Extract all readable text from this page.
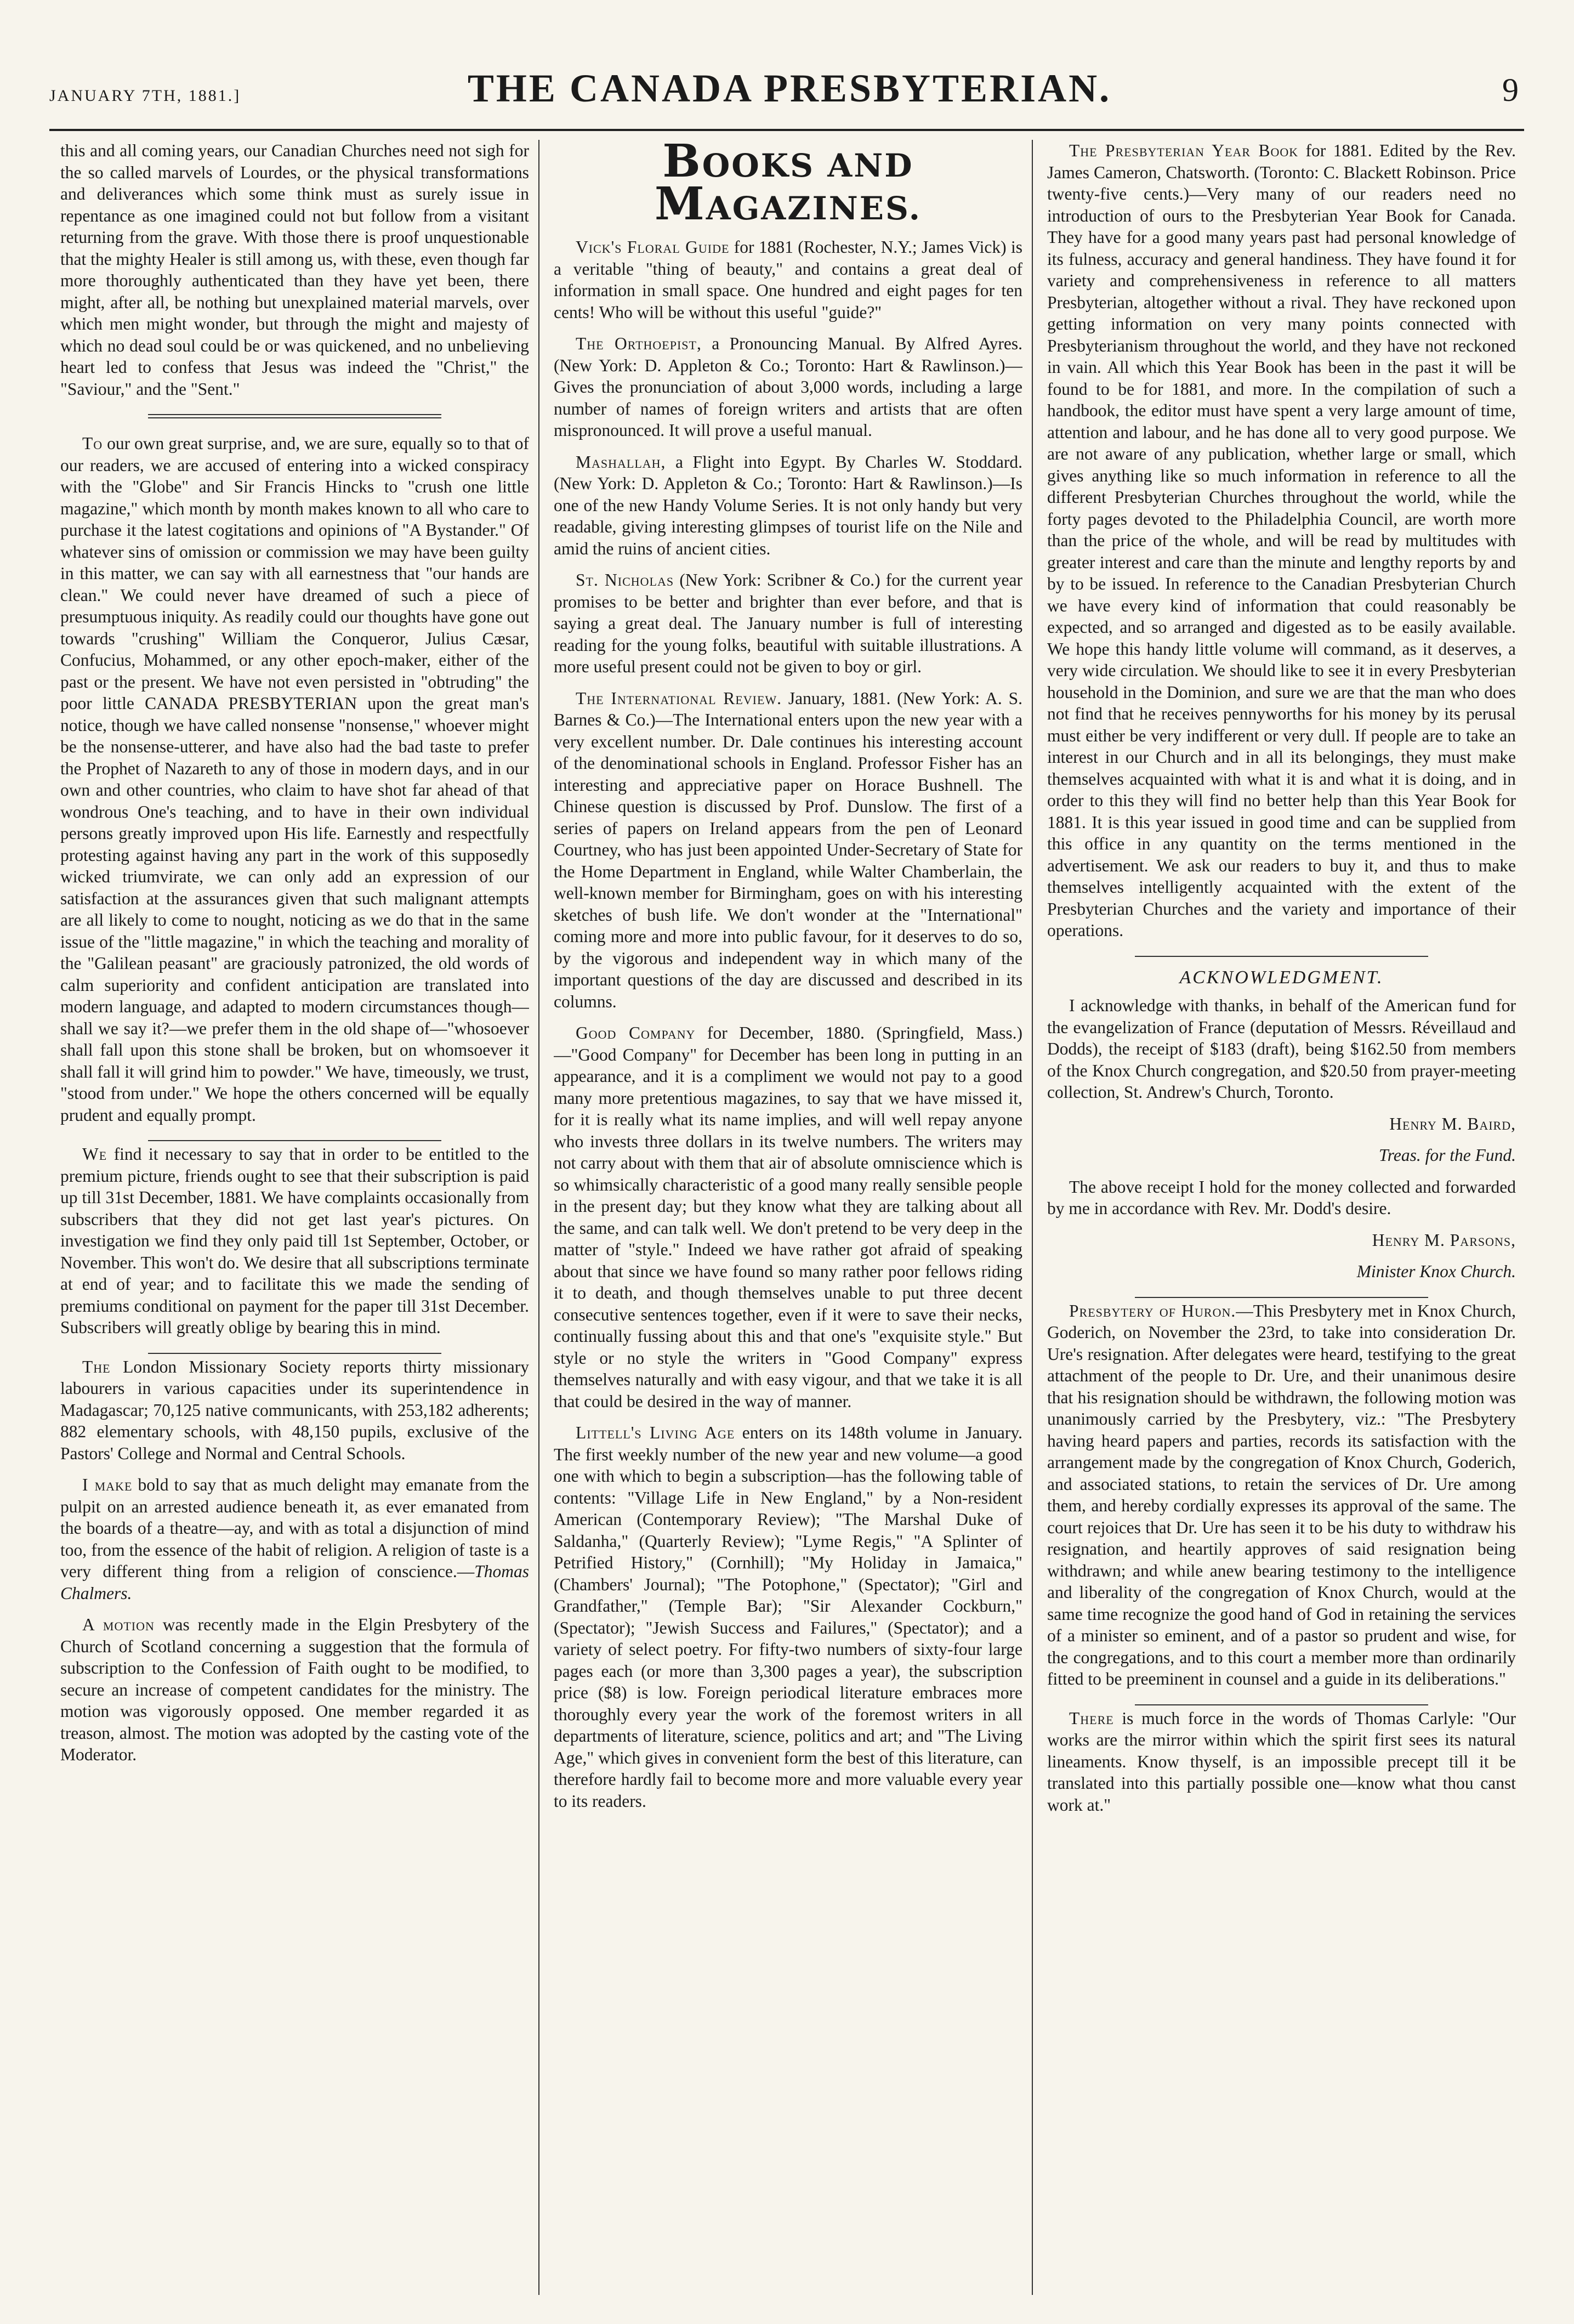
JANUARY 7TH, 1881.]	THE CANADA PRESBYTERIAN.	9

this and all coming years, our Canadian Churches need not sigh for the so called marvels of Lourdes, or the physical transformations and deliverances which some think must as surely issue in repentance as one imagined could not but follow from a visitant returning from the grave. With those there is proof unquestionable that the mighty Healer is still among us, with these, even though far more thoroughly authenticated than they have yet been, there might, after all, be nothing but unexplained material marvels, over which men might wonder, but through the might and majesty of which no dead soul could be or was quickened, and no unbelieving heart led to confess that Jesus was indeed the "Christ," the "Saviour," and the "Sent."

To our own great surprise, and, we are sure, equally so to that of our readers, we are accused of entering into a wicked conspiracy with the "Globe" and Sir Francis Hincks to "crush one little magazine," which month by month makes known to all who care to purchase it the latest cogitations and opinions of "A Bystander." Of whatever sins of omission or commission we may have been guilty in this matter, we can say with all earnestness that "our hands are clean." We could never have dreamed of such a piece of presumptuous iniquity. As readily could our thoughts have gone out towards "crushing" William the Conqueror, Julius Cæsar, Confucius, Mohammed, or any other epoch-maker, either of the past or the present. We have not even persisted in "obtruding" the poor little CANADA PRESBYTERIAN upon the great man's notice, though we have called nonsense "nonsense," whoever might be the nonsense-utterer, and have also had the bad taste to prefer the Prophet of Nazareth to any of those in modern days, and in our own and other countries, who claim to have shot far ahead of that wondrous One's teaching, and to have in their own individual persons greatly improved upon His life. Earnestly and respectfully protesting against having any part in the work of this supposedly wicked triumvirate, we can only add an expression of our satisfaction at the assurances given that such malignant attempts are all likely to come to nought, noticing as we do that in the same issue of the "little magazine," in which the teaching and morality of the "Galilean peasant" are graciously patronized, the old words of calm superiority and confident anticipation are translated into modern language, and adapted to modern circumstances though—shall we say it?—we prefer them in the old shape of—"whosoever shall fall upon this stone shall be broken, but on whomsoever it shall fall it will grind him to powder." We have, timeously, we trust, "stood from under." We hope the others concerned will be equally prudent and equally prompt.

We find it necessary to say that in order to be entitled to the premium picture, friends ought to see that their subscription is paid up till 31st December, 1881. We have complaints occasionally from subscribers that they did not get last year's pictures. On investigation we find they only paid till 1st September, October, or November. This won't do. We desire that all subscriptions terminate at end of year; and to facilitate this we made the sending of premiums conditional on payment for the paper till 31st December. Subscribers will greatly oblige by bearing this in mind.

The London Missionary Society reports thirty missionary labourers in various capacities under its superintendence in Madagascar; 70,125 native communicants, with 253,182 adherents; 882 elementary schools, with 48,150 pupils, exclusive of the Pastors' College and Normal and Central Schools.

I make bold to say that as much delight may emanate from the pulpit on an arrested audience beneath it, as ever emanated from the boards of a theatre—ay, and with as total a disjunction of mind too, from the essence of the habit of religion. A religion of taste is a very different thing from a religion of conscience.—Thomas Chalmers.

A motion was recently made in the Elgin Presbytery of the Church of Scotland concerning a suggestion that the formula of subscription to the Confession of Faith ought to be modified, to secure an increase of competent candidates for the ministry. The motion was vigorously opposed. One member regarded it as treason, almost. The motion was adopted by the casting vote of the Moderator.

BOOKS AND MAGAZINES.

Vick's Floral Guide for 1881 (Rochester, N.Y.; James Vick) is a veritable "thing of beauty," and contains a great deal of information in small space. One hundred and eight pages for ten cents! Who will be without this useful "guide?"

The Orthoepist, a Pronouncing Manual. By Alfred Ayres. (New York: D. Appleton & Co.; Toronto: Hart & Rawlinson.)—Gives the pronunciation of about 3,000 words, including a large number of names of foreign writers and artists that are often mispronounced. It will prove a useful manual.

Mashallah, a Flight into Egypt. By Charles W. Stoddard. (New York: D. Appleton & Co.; Toronto: Hart & Rawlinson.)—Is one of the new Handy Volume Series. It is not only handy but very readable, giving interesting glimpses of tourist life on the Nile and amid the ruins of ancient cities.

St. Nicholas (New York: Scribner & Co.) for the current year promises to be better and brighter than ever before, and that is saying a great deal. The January number is full of interesting reading for the young folks, beautiful with suitable illustrations. A more useful present could not be given to boy or girl.

The International Review. January, 1881. (New York: A. S. Barnes & Co.)—The International enters upon the new year with a very excellent number. Dr. Dale continues his interesting account of the denominational schools in England. Professor Fisher has an interesting and appreciative paper on Horace Bushnell. The Chinese question is discussed by Prof. Dunslow. The first of a series of papers on Ireland appears from the pen of Leonard Courtney, who has just been appointed Under-Secretary of State for the Home Department in England, while Walter Chamberlain, the well-known member for Birmingham, goes on with his interesting sketches of bush life. We don't wonder at the "International" coming more and more into public favour, for it deserves to do so, by the vigorous and independent way in which many of the important questions of the day are discussed and described in its columns.

Good Company for December, 1880. (Springfield, Mass.)—"Good Company" for December has been long in putting in an appearance, and it is a compliment we would not pay to a good many more pretentious magazines, to say that we have missed it, for it is really what its name implies, and will well repay anyone who invests three dollars in its twelve numbers. The writers may not carry about with them that air of absolute omniscience which is so whimsically characteristic of a good many really sensible people in the present day; but they know what they are talking about all the same, and can talk well. We don't pretend to be very deep in the matter of "style." Indeed we have rather got afraid of speaking about that since we have found so many rather poor fellows riding it to death, and though themselves unable to put three decent consecutive sentences together, even if it were to save their necks, continually fussing about this and that one's "exquisite style." But style or no style the writers in "Good Company" express themselves naturally and with easy vigour, and that we take it is all that could be desired in the way of manner.

Littell's Living Age enters on its 148th volume in January. The first weekly number of the new year and new volume—a good one with which to begin a subscription—has the following table of contents: "Village Life in New England," by a Non-resident American (Contemporary Review); "The Marshal Duke of Saldanha," (Quarterly Review); "Lyme Regis," "A Splinter of Petrified History," (Cornhill); "My Holiday in Jamaica," (Chambers' Journal); "The Potophone," (Spectator); "Girl and Grandfather," (Temple Bar); "Sir Alexander Cockburn," (Spectator); "Jewish Success and Failures," (Spectator); and a variety of select poetry. For fifty-two numbers of sixty-four large pages each (or more than 3,300 pages a year), the subscription price ($8) is low. Foreign periodical literature embraces more thoroughly every year the work of the foremost writers in all departments of literature, science, politics and art; and "The Living Age," which gives in convenient form the best of this literature, can therefore hardly fail to become more and more valuable every year to its readers.

The Presbyterian Year Book for 1881. Edited by the Rev. James Cameron, Chatsworth. (Toronto: C. Blackett Robinson. Price twenty-five cents.)—Very many of our readers need no introduction of ours to the Presbyterian Year Book for Canada. They have for a good many years past had personal knowledge of its fulness, accuracy and general handiness. They have found it for variety and comprehensiveness in reference to all matters Presbyterian, altogether without a rival. They have reckoned upon getting information on very many points connected with Presbyterianism throughout the world, and they have not reckoned in vain. All which this Year Book has been in the past it will be found to be for 1881, and more. In the compilation of such a handbook, the editor must have spent a very large amount of time, attention and labour, and he has done all to very good purpose. We are not aware of any publication, whether large or small, which gives anything like so much information in reference to all the different Presbyterian Churches throughout the world, while the forty pages devoted to the Philadelphia Council, are worth more than the price of the whole, and will be read by multitudes with greater interest and care than the minute and lengthy reports by and by to be issued. In reference to the Canadian Presbyterian Church we have every kind of information that could reasonably be expected, and so arranged and digested as to be easily available. We hope this handy little volume will command, as it deserves, a very wide circulation. We should like to see it in every Presbyterian household in the Dominion, and sure we are that the man who does not find that he receives pennyworths for his money by its perusal must either be very indifferent or very dull. If people are to take an interest in our Church and in all its belongings, they must make themselves acquainted with what it is and what it is doing, and in order to this they will find no better help than this Year Book for 1881. It is this year issued in good time and can be supplied from this office in any quantity on the terms mentioned in the advertisement. We ask our readers to buy it, and thus to make themselves intelligently acquainted with the extent of the Presbyterian Churches and the variety and importance of their operations.

ACKNOWLEDGMENT.

I acknowledge with thanks, in behalf of the American fund for the evangelization of France (deputation of Messrs. Réveillaud and Dodds), the receipt of $183 (draft), being $162.50 from members of the Knox Church congregation, and $20.50 from prayer-meeting collection, St. Andrew's Church, Toronto.

Henry M. Baird,

Treas. for the Fund.

The above receipt I hold for the money collected and forwarded by me in accordance with Rev. Mr. Dodd's desire.

Henry M. Parsons,

Minister Knox Church.

Presbytery of Huron.—This Presbytery met in Knox Church, Goderich, on November the 23rd, to take into consideration Dr. Ure's resignation. After delegates were heard, testifying to the great attachment of the people to Dr. Ure, and their unanimous desire that his resignation should be withdrawn, the following motion was unanimously carried by the Presbytery, viz.: "The Presbytery having heard papers and parties, records its satisfaction with the arrangement made by the congregation of Knox Church, Goderich, and associated stations, to retain the services of Dr. Ure among them, and hereby cordially expresses its approval of the same. The court rejoices that Dr. Ure has seen it to be his duty to withdraw his resignation, and heartily approves of said resignation being withdrawn; and while anew bearing testimony to the intelligence and liberality of the congregation of Knox Church, would at the same time recognize the good hand of God in retaining the services of a minister so eminent, and of a pastor so prudent and wise, for the congregations, and to this court a member more than ordinarily fitted to be preeminent in counsel and a guide in its deliberations."

There is much force in the words of Thomas Carlyle: "Our works are the mirror within which the spirit first sees its natural lineaments. Know thyself, is an impossible precept till it be translated into this partially possible one—know what thou canst work at."
